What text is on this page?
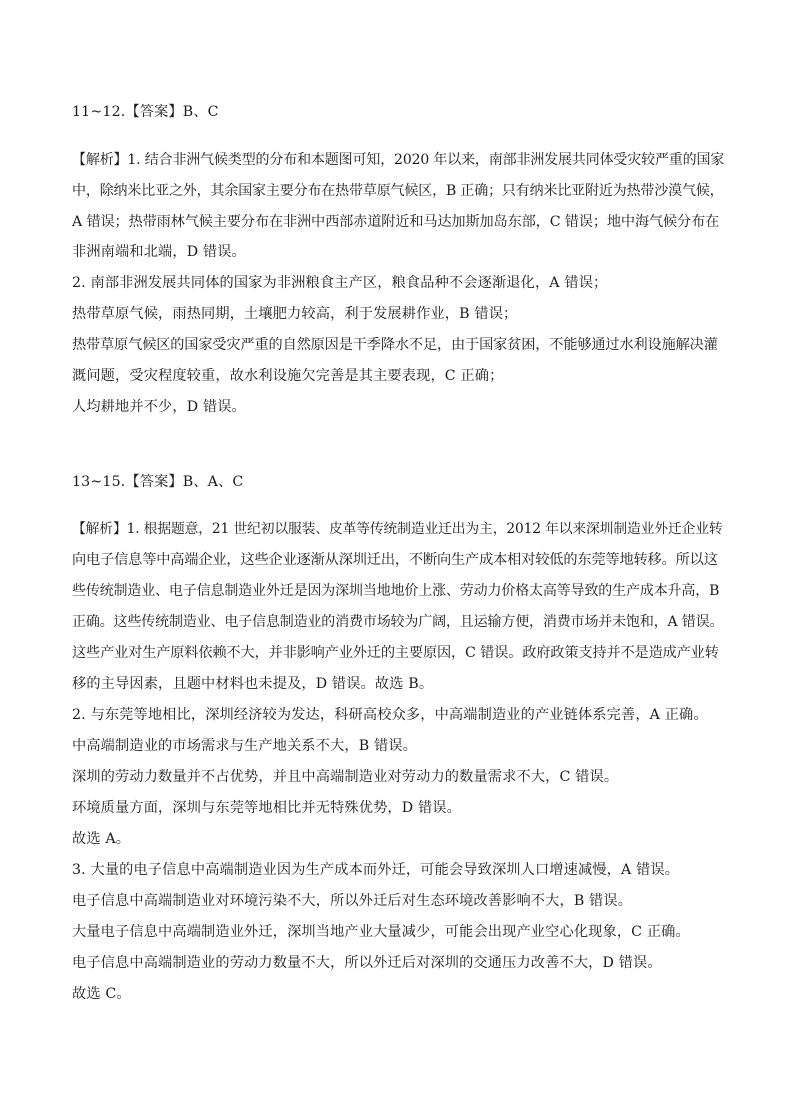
11~12.【答案】B、C
【解析】1. 结合非洲气候类型的分布和本题图可知，2020 年以来，南部非洲发展共同体受灾较严重的国家
中，除纳米比亚之外，其余国家主要分布在热带草原气候区，B 正确；只有纳米比亚附近为热带沙漠气候，
A 错误；热带雨林气候主要分布在非洲中西部赤道附近和马达加斯加岛东部，C 错误；地中海气候分布在
非洲南端和北端，D 错误。
2. 南部非洲发展共同体的国家为非洲粮食主产区，粮食品种不会逐渐退化，A 错误；
热带草原气候，雨热同期，土壤肥力较高，利于发展耕作业，B 错误；
热带草原气候区的国家受灾严重的自然原因是干季降水不足，由于国家贫困，不能够通过水利设施解决灌
溉问题，受灾程度较重，故水利设施欠完善是其主要表现，C 正确；
人均耕地并不少，D 错误。
13~15.【答案】B、A、C
【解析】1. 根据题意，21 世纪初以服装、皮革等传统制造业迁出为主，2012 年以来深圳制造业外迁企业转
向电子信息等中高端企业，这些企业逐渐从深圳迁出，不断向生产成本相对较低的东莞等地转移。所以这
些传统制造业、电子信息制造业外迁是因为深圳当地地价上涨、劳动力价格太高等导致的生产成本升高，B
正确。这些传统制造业、电子信息制造业的消费市场较为广阔，且运输方便，消费市场并未饱和，A 错误。
这些产业对生产原料依赖不大，并非影响产业外迁的主要原因，C 错误。政府政策支持并不是造成产业转
移的主导因素，且题中材料也未提及，D 错误。故选 B。
2. 与东莞等地相比，深圳经济较为发达，科研高校众多，中高端制造业的产业链体系完善，A 正确。
中高端制造业的市场需求与生产地关系不大，B 错误。
深圳的劳动力数量并不占优势，并且中高端制造业对劳动力的数量需求不大，C 错误。
环境质量方面，深圳与东莞等地相比并无特殊优势，D 错误。
故选 A。
3. 大量的电子信息中高端制造业因为生产成本而外迁，可能会导致深圳人口增速减慢，A 错误。
电子信息中高端制造业对环境污染不大，所以外迁后对生态环境改善影响不大，B 错误。
大量电子信息中高端制造业外迁，深圳当地产业大量减少，可能会出现产业空心化现象，C 正确。
电子信息中高端制造业的劳动力数量不大，所以外迁后对深圳的交通压力改善不大，D 错误。
故选 C。
